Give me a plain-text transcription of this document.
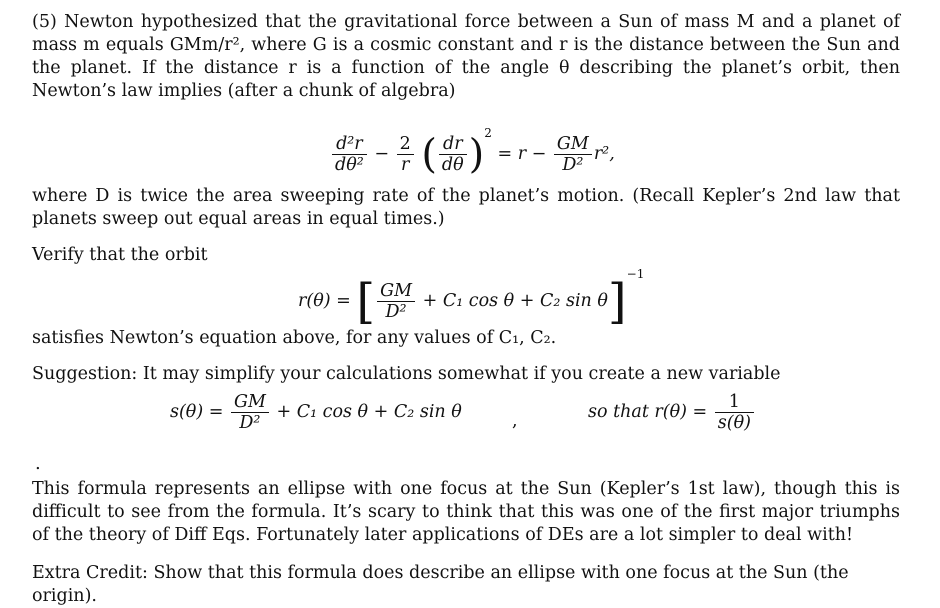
(5) Newton hypothesized that the gravitational force between a Sun of mass M and a planet of mass m equals GMm/r², where G is a cosmic constant and r is the distance between the Sun and the planet. If the distance r is a function of the angle θ describing the planet’s orbit, then Newton’s law implies (after a chunk of algebra)
$\frac{\text{d²r}}{\text{dθ²}} - \frac{2}{r}$ ( $\frac{dr}{d\theta} )^2 = r - \frac{GM}{\text{D²}} r^2$,
where D is twice the area sweeping rate of the planet’s motion. (Recall Kepler’s 2nd law that planets sweep out equal areas in equal times.)
Verify that the orbit
r(θ) = [ $\frac{GM}{\text{D²}} + C_1$ cos θ + C₂ sin θ]$^{-1}$
satisfies Newton’s equation above, for any values of C₁, C₂.
Suggestion: It may simplify your calculations somewhat if you create a new variable
$s(\theta) = \frac{GM}{\text{D²}} + C_1$ cos θ + C₂ sin θ	,	so that $r(\theta) = \frac{1}{s(\theta)}$
.
This formula represents an ellipse with one focus at the Sun (Kepler’s 1st law), though this is difficult to see from the formula. It’s scary to think that this was one of the first major triumphs of the theory of Diff Eqs. Fortunately later applications of DEs are a lot simpler to deal with!
Extra Credit: Show that this formula does describe an ellipse with one focus at the Sun (the origin).
